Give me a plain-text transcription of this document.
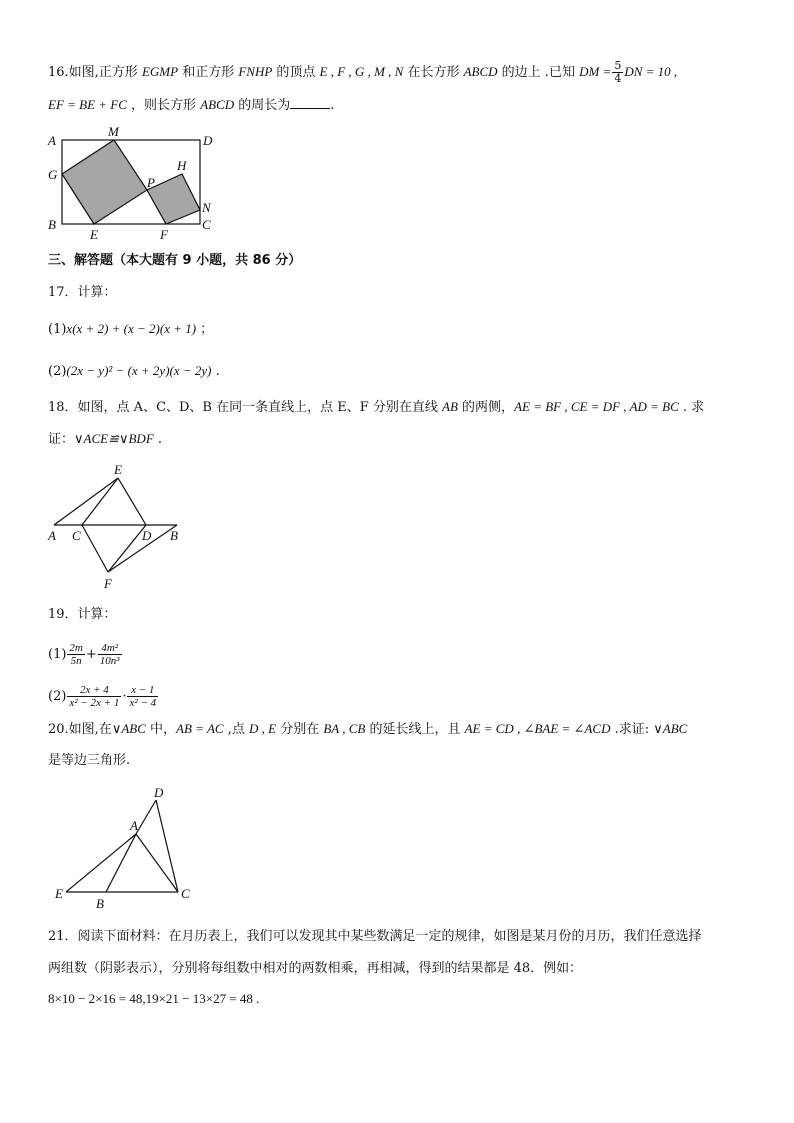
16.如图,正方形 EGMP 和正方形 FNHP 的顶点 E , F , G , M , N 在长方形 ABCD 的边上 .已知 DM = $\frac{5}{4}$ DN = 10 ,
EF = BE + FC ，则长方形 ABCD 的周长为	.
A
M
D
G
H
P
N
B
E	F
C
三、解答题（本大题有 9 小题，共 86 分）
17．计算：
(1)x(x + 2) + (x − 2)(x + 1) ；
(2)(2x − y)² − (x + 2y)(x − 2y) .
18．如图，点 A、C、D、B 在同一条直线上，点 E、F 分别在直线 AB 的两侧，AE = BF , CE = DF , AD = BC . 求
证：∨ACE≌∨BDF .
E
A C	D B
F
19．计算：
$(1) \frac{2m}{5n} + \frac{\text{4m²}}{\text{10n³}}$
$(2) \frac{2x + 4}{\text{x² − 2x + 1}} \cdot \frac{x - 1}{\text{x² − 4}}$
20.如图,在∨ABC 中，AB = AC ,点 D , E 分别在 BA , CB 的延长线上，且 AE = CD , ∠BAE = ∠ACD .求证: ∨ABC
是等边三角形.
D
A
E
B
C
21．阅读下面材料：在月历表上，我们可以发现其中某些数满足一定的规律，如图是某月份的月历，我们任意选择
两组数（阴影表示），分别将每组数中相对的两数相乘，再相减，得到的结果都是 48．例如：
8×10 − 2×16 = 48,19×21 − 13×27 = 48 .
